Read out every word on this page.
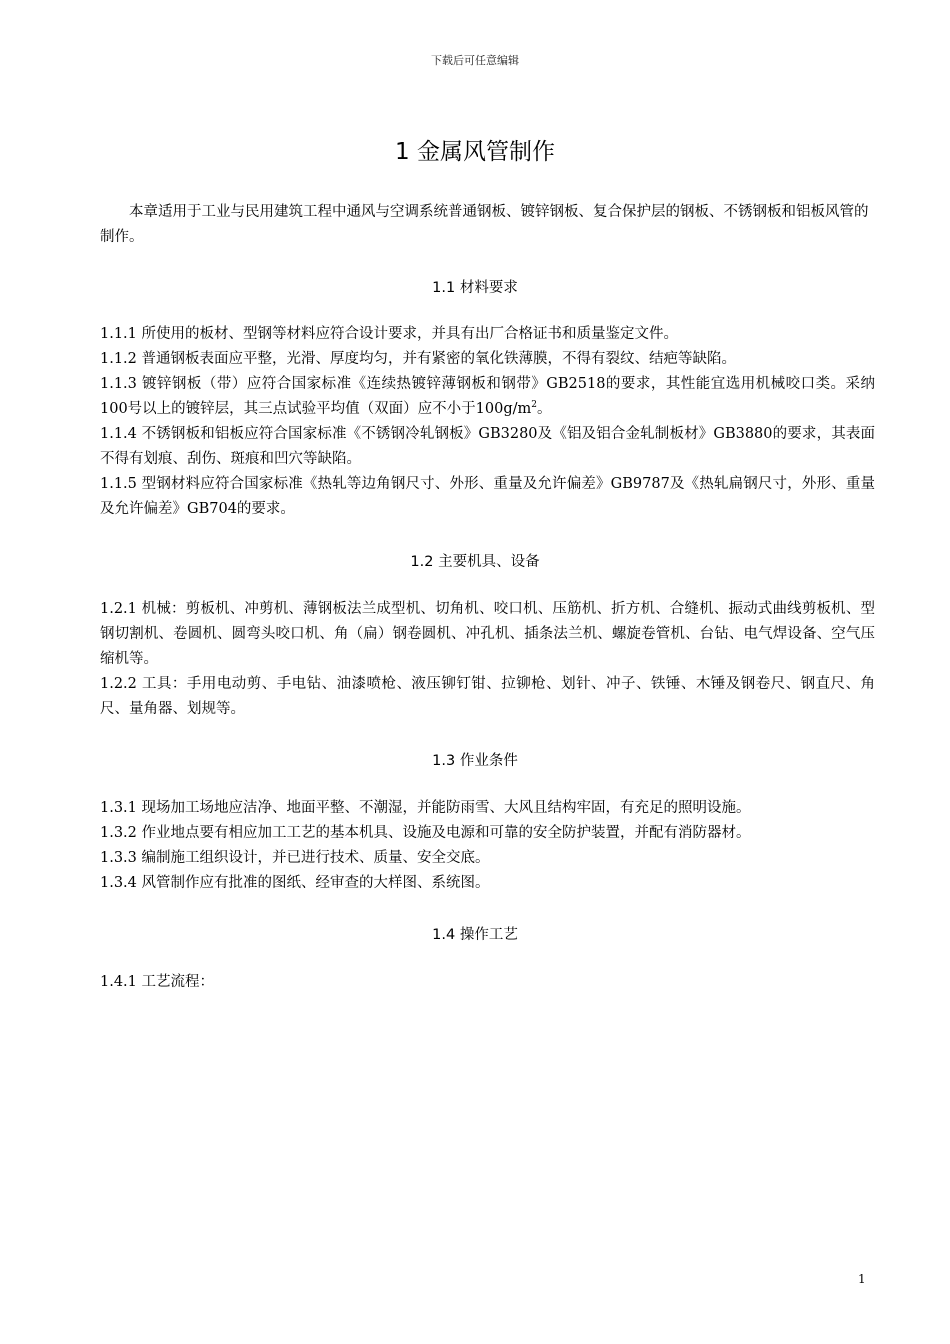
下载后可任意编辑
1 金属风管制作

本章适用于工业与民用建筑工程中通风与空调系统普通钢板、镀锌钢板、复合保护层的钢板、不锈钢板和铝板风管的制作。

1.1 材料要求

1.1.1 所使用的板材、型钢等材料应符合设计要求，并具有出厂合格证书和质量鉴定文件。

1.1.2 普通钢板表面应平整，光滑、厚度均匀，并有紧密的氧化铁薄膜，不得有裂纹、结疤等缺陷。

1.1.3 镀锌钢板（带）应符合国家标准《连续热镀锌薄钢板和钢带》GB2518的要求，其性能宜选用机械咬口类。采纳100号以上的镀锌层，其三点试验平均值（双面）应不小于$100g/m^2$。

1.1.4 不锈钢板和铝板应符合国家标准《不锈钢冷轧钢板》GB3280及《铝及铝合金轧制板材》GB3880的要求，其表面不得有划痕、刮伤、斑痕和凹穴等缺陷。

1.1.5 型钢材料应符合国家标准《热轧等边角钢尺寸、外形、重量及允许偏差》GB9787及《热轧扁钢尺寸，外形、重量及允许偏差》GB704的要求。

1.2 主要机具、设备

1.2.1 机械：剪板机、冲剪机、薄钢板法兰成型机、切角机、咬口机、压筋机、折方机、合缝机、振动式曲线剪板机、型钢切割机、卷圆机、圆弯头咬口机、角（扁）钢卷圆机、冲孔机、插条法兰机、螺旋卷管机、台钻、电气焊设备、空气压缩机等。

1.2.2 工具：手用电动剪、手电钻、油漆喷枪、液压铆钉钳、拉铆枪、划针、冲子、铁锤、木锤及钢卷尺、钢直尺、角尺、量角器、划规等。

1.3 作业条件

1.3.1 现场加工场地应洁净、地面平整、不潮湿，并能防雨雪、大风且结构牢固，有充足的照明设施。

1.3.2 作业地点要有相应加工工艺的基本机具、设施及电源和可靠的安全防护装置，并配有消防器材。

1.3.3 编制施工组织设计，并已进行技术、质量、安全交底。

1.3.4 风管制作应有批准的图纸、经审查的大样图、系统图。

1.4 操作工艺

1.4.1 工艺流程：

1
